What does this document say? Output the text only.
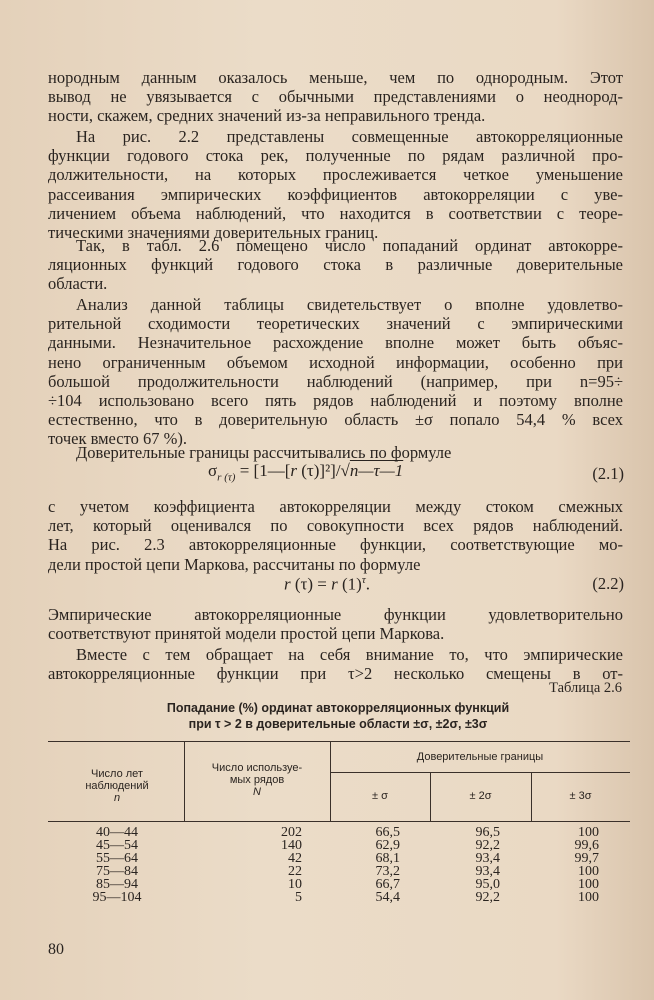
нородным данным оказалось меньше, чем по однородным. Этот
вывод не увязывается с обычными представлениями о неоднород-
ности, скажем, средних значений из-за неправильного тренда.
На рис. 2.2 представлены совмещенные автокорреляционные
функции годового стока рек, полученные по рядам различной про-
должительности, на которых прослеживается четкое уменьшение
рассеивания эмпирических коэффициентов автокорреляции с уве-
личением объема наблюдений, что находится в соответствии с теоре-
тическими значениями доверительных границ.
Так, в табл. 2.6 помещено число попаданий ординат автокорре-
ляционных функций годового стока в различные доверительные
области.
Анализ данной таблицы свидетельствует о вполне удовлетво-
рительной сходимости теоретических значений с эмпирическими
данными. Незначительное расхождение вполне может быть объяс-
нено ограниченным объемом исходной информации, особенно при
большой продолжительности наблюдений (например, при n=95÷
÷104 использовано всего пять рядов наблюдений и поэтому вполне
естественно, что в доверительную область ±σ попало 54,4 % всех
точек вместо 67 %).
Доверительные границы рассчитывались по формуле
с учетом коэффициента автокорреляции между стоком смежных
лет, который оценивался по совокупности всех рядов наблюдений.
На рис. 2.3 автокорреляционные функции, соответствующие мо-
дели простой цепи Маркова, рассчитаны по формуле
Эмпирические автокорреляционные функции удовлетворительно
соответствуют принятой модели простой цепи Маркова.
Вместе с тем обращает на себя внимание то, что эмпирические
автокорреляционные функции при τ>2 несколько смещены в от-
$\sigma_{r (\tau)}$ = [1—[r (τ)]²]/√n—τ—1	(2.1)
r (τ) = r $(1)^\tau$.	(2.2)
Таблица 2.6
Попадание (%) ординат автокорреляционных функций
при τ > 2 в доверительные области ±σ, ±2σ, ±3σ
Число лет
наблюдений
n
Число используе-
мых рядов
N
Доверительные границы
± σ	± 2σ	± 3σ
40—44	202	66,5	96,5	100
45—54	140	62,9	92,2	99,6
55—64	42	68,1	93,4	99,7
75—84	22	73,2	93,4	100
85—94	10	66,7	95,0	100
95—104	5	54,4	92,2	100
80
